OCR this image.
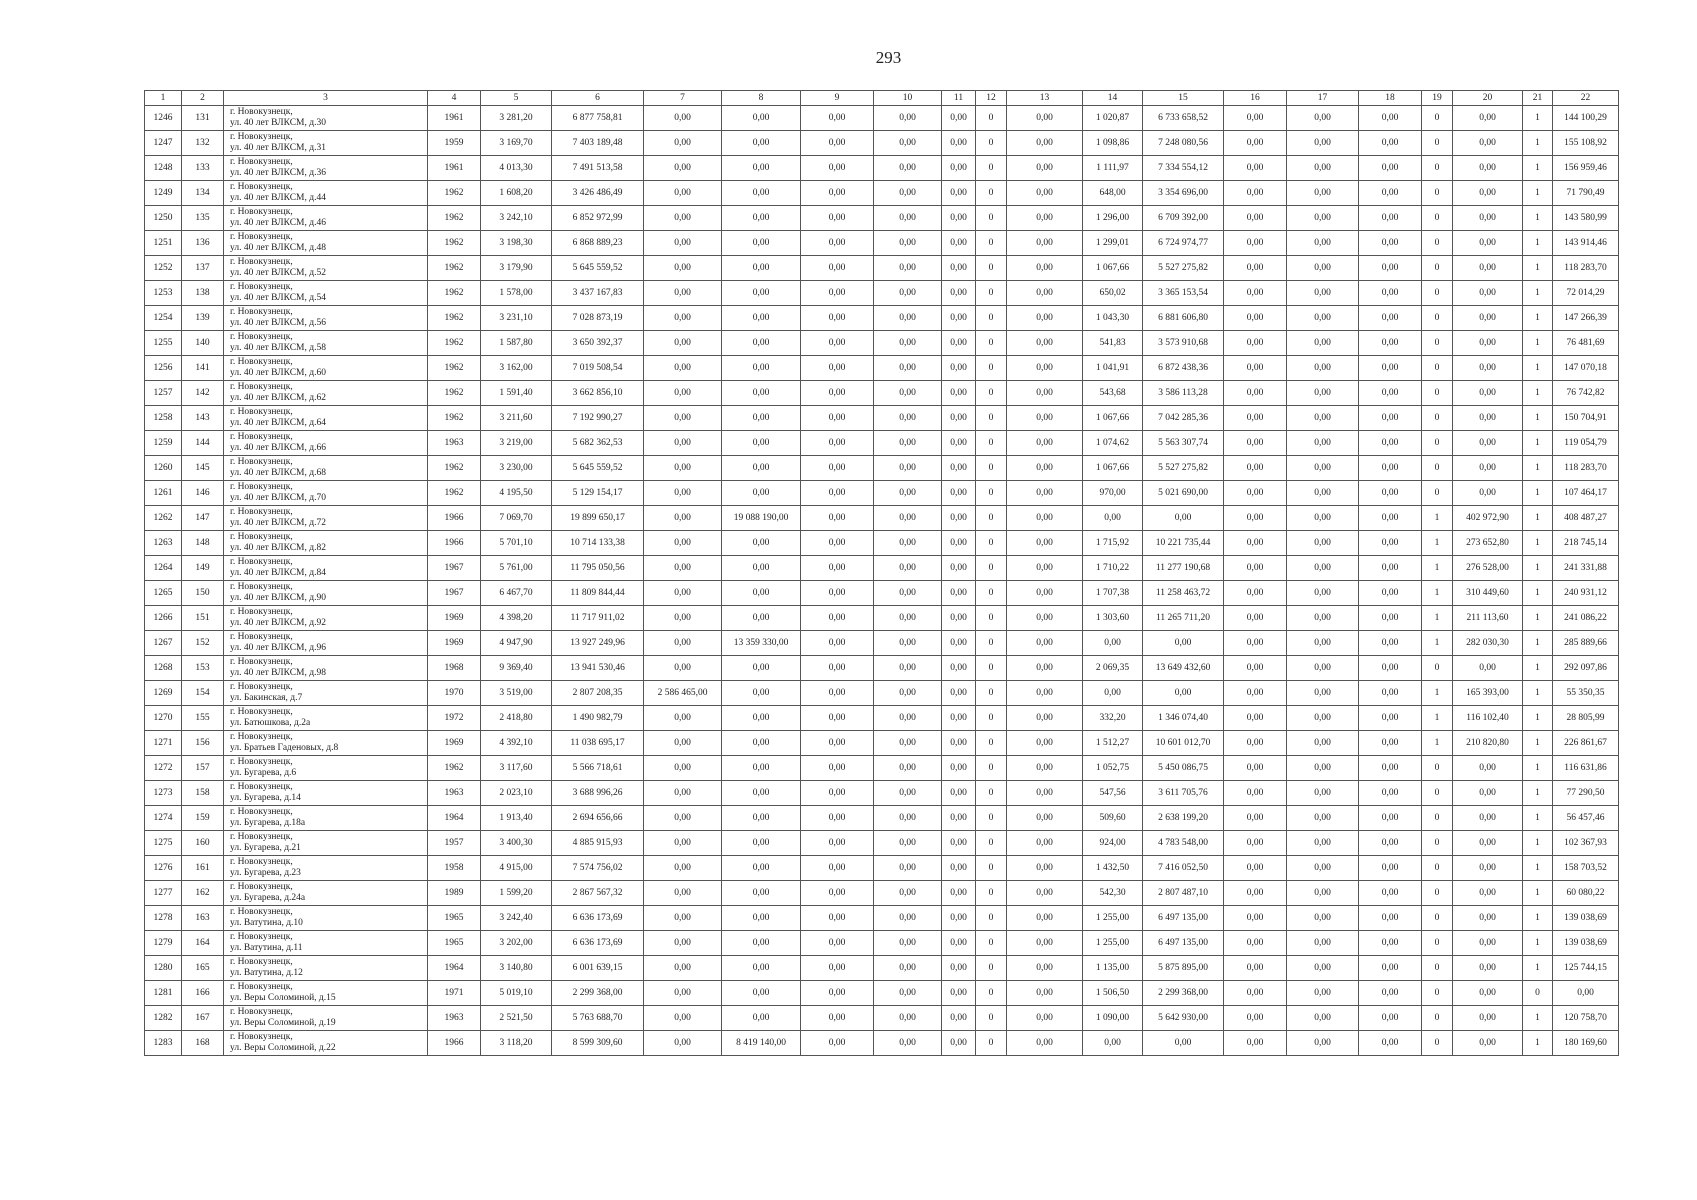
293
1	2	3	4	5	6	7	8	9	10	11	12	13	14	15	16	17	18	19	20	21	22
1246	131	г. Новокузнецк,
ул. 40 лет ВЛКСМ, д.30	1961	3 281,20	6 877 758,81	0,00	0,00	0,00	0,00	0,00	0	0,00	1 020,87	6 733 658,52	0,00	0,00	0,00	0	0,00	1	144 100,29
1247	132	г. Новокузнецк,
ул. 40 лет ВЛКСМ, д.31	1959	3 169,70	7 403 189,48	0,00	0,00	0,00	0,00	0,00	0	0,00	1 098,86	7 248 080,56	0,00	0,00	0,00	0	0,00	1	155 108,92
1248	133	г. Новокузнецк,
ул. 40 лет ВЛКСМ, д.36	1961	4 013,30	7 491 513,58	0,00	0,00	0,00	0,00	0,00	0	0,00	1 111,97	7 334 554,12	0,00	0,00	0,00	0	0,00	1	156 959,46
1249	134	г. Новокузнецк,
ул. 40 лет ВЛКСМ, д.44	1962	1 608,20	3 426 486,49	0,00	0,00	0,00	0,00	0,00	0	0,00	648,00	3 354 696,00	0,00	0,00	0,00	0	0,00	1	71 790,49
1250	135	г. Новокузнецк,
ул. 40 лет ВЛКСМ, д.46	1962	3 242,10	6 852 972,99	0,00	0,00	0,00	0,00	0,00	0	0,00	1 296,00	6 709 392,00	0,00	0,00	0,00	0	0,00	1	143 580,99
1251	136	г. Новокузнецк,
ул. 40 лет ВЛКСМ, д.48	1962	3 198,30	6 868 889,23	0,00	0,00	0,00	0,00	0,00	0	0,00	1 299,01	6 724 974,77	0,00	0,00	0,00	0	0,00	1	143 914,46
1252	137	г. Новокузнецк,
ул. 40 лет ВЛКСМ, д.52	1962	3 179,90	5 645 559,52	0,00	0,00	0,00	0,00	0,00	0	0,00	1 067,66	5 527 275,82	0,00	0,00	0,00	0	0,00	1	118 283,70
1253	138	г. Новокузнецк,
ул. 40 лет ВЛКСМ, д.54	1962	1 578,00	3 437 167,83	0,00	0,00	0,00	0,00	0,00	0	0,00	650,02	3 365 153,54	0,00	0,00	0,00	0	0,00	1	72 014,29
1254	139	г. Новокузнецк,
ул. 40 лет ВЛКСМ, д.56	1962	3 231,10	7 028 873,19	0,00	0,00	0,00	0,00	0,00	0	0,00	1 043,30	6 881 606,80	0,00	0,00	0,00	0	0,00	1	147 266,39
1255	140	г. Новокузнецк,
ул. 40 лет ВЛКСМ, д.58	1962	1 587,80	3 650 392,37	0,00	0,00	0,00	0,00	0,00	0	0,00	541,83	3 573 910,68	0,00	0,00	0,00	0	0,00	1	76 481,69
1256	141	г. Новокузнецк,
ул. 40 лет ВЛКСМ, д.60	1962	3 162,00	7 019 508,54	0,00	0,00	0,00	0,00	0,00	0	0,00	1 041,91	6 872 438,36	0,00	0,00	0,00	0	0,00	1	147 070,18
1257	142	г. Новокузнецк,
ул. 40 лет ВЛКСМ, д.62	1962	1 591,40	3 662 856,10	0,00	0,00	0,00	0,00	0,00	0	0,00	543,68	3 586 113,28	0,00	0,00	0,00	0	0,00	1	76 742,82
1258	143	г. Новокузнецк,
ул. 40 лет ВЛКСМ, д.64	1962	3 211,60	7 192 990,27	0,00	0,00	0,00	0,00	0,00	0	0,00	1 067,66	7 042 285,36	0,00	0,00	0,00	0	0,00	1	150 704,91
1259	144	г. Новокузнецк,
ул. 40 лет ВЛКСМ, д.66	1963	3 219,00	5 682 362,53	0,00	0,00	0,00	0,00	0,00	0	0,00	1 074,62	5 563 307,74	0,00	0,00	0,00	0	0,00	1	119 054,79
1260	145	г. Новокузнецк,
ул. 40 лет ВЛКСМ, д.68	1962	3 230,00	5 645 559,52	0,00	0,00	0,00	0,00	0,00	0	0,00	1 067,66	5 527 275,82	0,00	0,00	0,00	0	0,00	1	118 283,70
1261	146	г. Новокузнецк,
ул. 40 лет ВЛКСМ, д.70	1962	4 195,50	5 129 154,17	0,00	0,00	0,00	0,00	0,00	0	0,00	970,00	5 021 690,00	0,00	0,00	0,00	0	0,00	1	107 464,17
1262	147	г. Новокузнецк,
ул. 40 лет ВЛКСМ, д.72	1966	7 069,70	19 899 650,17	0,00	19 088 190,00	0,00	0,00	0,00	0	0,00	0,00	0,00	0,00	0,00	0,00	1	402 972,90	1	408 487,27
1263	148	г. Новокузнецк,
ул. 40 лет ВЛКСМ, д.82	1966	5 701,10	10 714 133,38	0,00	0,00	0,00	0,00	0,00	0	0,00	1 715,92	10 221 735,44	0,00	0,00	0,00	1	273 652,80	1	218 745,14
1264	149	г. Новокузнецк,
ул. 40 лет ВЛКСМ, д.84	1967	5 761,00	11 795 050,56	0,00	0,00	0,00	0,00	0,00	0	0,00	1 710,22	11 277 190,68	0,00	0,00	0,00	1	276 528,00	1	241 331,88
1265	150	г. Новокузнецк,
ул. 40 лет ВЛКСМ, д.90	1967	6 467,70	11 809 844,44	0,00	0,00	0,00	0,00	0,00	0	0,00	1 707,38	11 258 463,72	0,00	0,00	0,00	1	310 449,60	1	240 931,12
1266	151	г. Новокузнецк,
ул. 40 лет ВЛКСМ, д.92	1969	4 398,20	11 717 911,02	0,00	0,00	0,00	0,00	0,00	0	0,00	1 303,60	11 265 711,20	0,00	0,00	0,00	1	211 113,60	1	241 086,22
1267	152	г. Новокузнецк,
ул. 40 лет ВЛКСМ, д.96	1969	4 947,90	13 927 249,96	0,00	13 359 330,00	0,00	0,00	0,00	0	0,00	0,00	0,00	0,00	0,00	0,00	1	282 030,30	1	285 889,66
1268	153	г. Новокузнецк,
ул. 40 лет ВЛКСМ, д.98	1968	9 369,40	13 941 530,46	0,00	0,00	0,00	0,00	0,00	0	0,00	2 069,35	13 649 432,60	0,00	0,00	0,00	0	0,00	1	292 097,86
1269	154	г. Новокузнецк,
ул. Бакинская, д.7	1970	3 519,00	2 807 208,35	2 586 465,00	0,00	0,00	0,00	0,00	0	0,00	0,00	0,00	0,00	0,00	0,00	1	165 393,00	1	55 350,35
1270	155	г. Новокузнецк,
ул. Батюшкова, д.2а	1972	2 418,80	1 490 982,79	0,00	0,00	0,00	0,00	0,00	0	0,00	332,20	1 346 074,40	0,00	0,00	0,00	1	116 102,40	1	28 805,99
1271	156	г. Новокузнецк,
ул. Братьев Гаденовых, д.8	1969	4 392,10	11 038 695,17	0,00	0,00	0,00	0,00	0,00	0	0,00	1 512,27	10 601 012,70	0,00	0,00	0,00	1	210 820,80	1	226 861,67
1272	157	г. Новокузнецк,
ул. Бугарева, д.6	1962	3 117,60	5 566 718,61	0,00	0,00	0,00	0,00	0,00	0	0,00	1 052,75	5 450 086,75	0,00	0,00	0,00	0	0,00	1	116 631,86
1273	158	г. Новокузнецк,
ул. Бугарева, д.14	1963	2 023,10	3 688 996,26	0,00	0,00	0,00	0,00	0,00	0	0,00	547,56	3 611 705,76	0,00	0,00	0,00	0	0,00	1	77 290,50
1274	159	г. Новокузнецк,
ул. Бугарева, д.18а	1964	1 913,40	2 694 656,66	0,00	0,00	0,00	0,00	0,00	0	0,00	509,60	2 638 199,20	0,00	0,00	0,00	0	0,00	1	56 457,46
1275	160	г. Новокузнецк,
ул. Бугарева, д.21	1957	3 400,30	4 885 915,93	0,00	0,00	0,00	0,00	0,00	0	0,00	924,00	4 783 548,00	0,00	0,00	0,00	0	0,00	1	102 367,93
1276	161	г. Новокузнецк,
ул. Бугарева, д.23	1958	4 915,00	7 574 756,02	0,00	0,00	0,00	0,00	0,00	0	0,00	1 432,50	7 416 052,50	0,00	0,00	0,00	0	0,00	1	158 703,52
1277	162	г. Новокузнецк,
ул. Бугарева, д.24а	1989	1 599,20	2 867 567,32	0,00	0,00	0,00	0,00	0,00	0	0,00	542,30	2 807 487,10	0,00	0,00	0,00	0	0,00	1	60 080,22
1278	163	г. Новокузнецк,
ул. Ватутина, д.10	1965	3 242,40	6 636 173,69	0,00	0,00	0,00	0,00	0,00	0	0,00	1 255,00	6 497 135,00	0,00	0,00	0,00	0	0,00	1	139 038,69
1279	164	г. Новокузнецк,
ул. Ватутина, д.11	1965	3 202,00	6 636 173,69	0,00	0,00	0,00	0,00	0,00	0	0,00	1 255,00	6 497 135,00	0,00	0,00	0,00	0	0,00	1	139 038,69
1280	165	г. Новокузнецк,
ул. Ватутина, д.12	1964	3 140,80	6 001 639,15	0,00	0,00	0,00	0,00	0,00	0	0,00	1 135,00	5 875 895,00	0,00	0,00	0,00	0	0,00	1	125 744,15
1281	166	г. Новокузнецк,
ул. Веры Соломиной, д.15	1971	5 019,10	2 299 368,00	0,00	0,00	0,00	0,00	0,00	0	0,00	1 506,50	2 299 368,00	0,00	0,00	0,00	0	0,00	0	0,00
1282	167	г. Новокузнецк,
ул. Веры Соломиной, д.19	1963	2 521,50	5 763 688,70	0,00	0,00	0,00	0,00	0,00	0	0,00	1 090,00	5 642 930,00	0,00	0,00	0,00	0	0,00	1	120 758,70
1283	168	г. Новокузнецк,
ул. Веры Соломиной, д.22	1966	3 118,20	8 599 309,60	0,00	8 419 140,00	0,00	0,00	0,00	0	0,00	0,00	0,00	0,00	0,00	0,00	0	0,00	1	180 169,60
